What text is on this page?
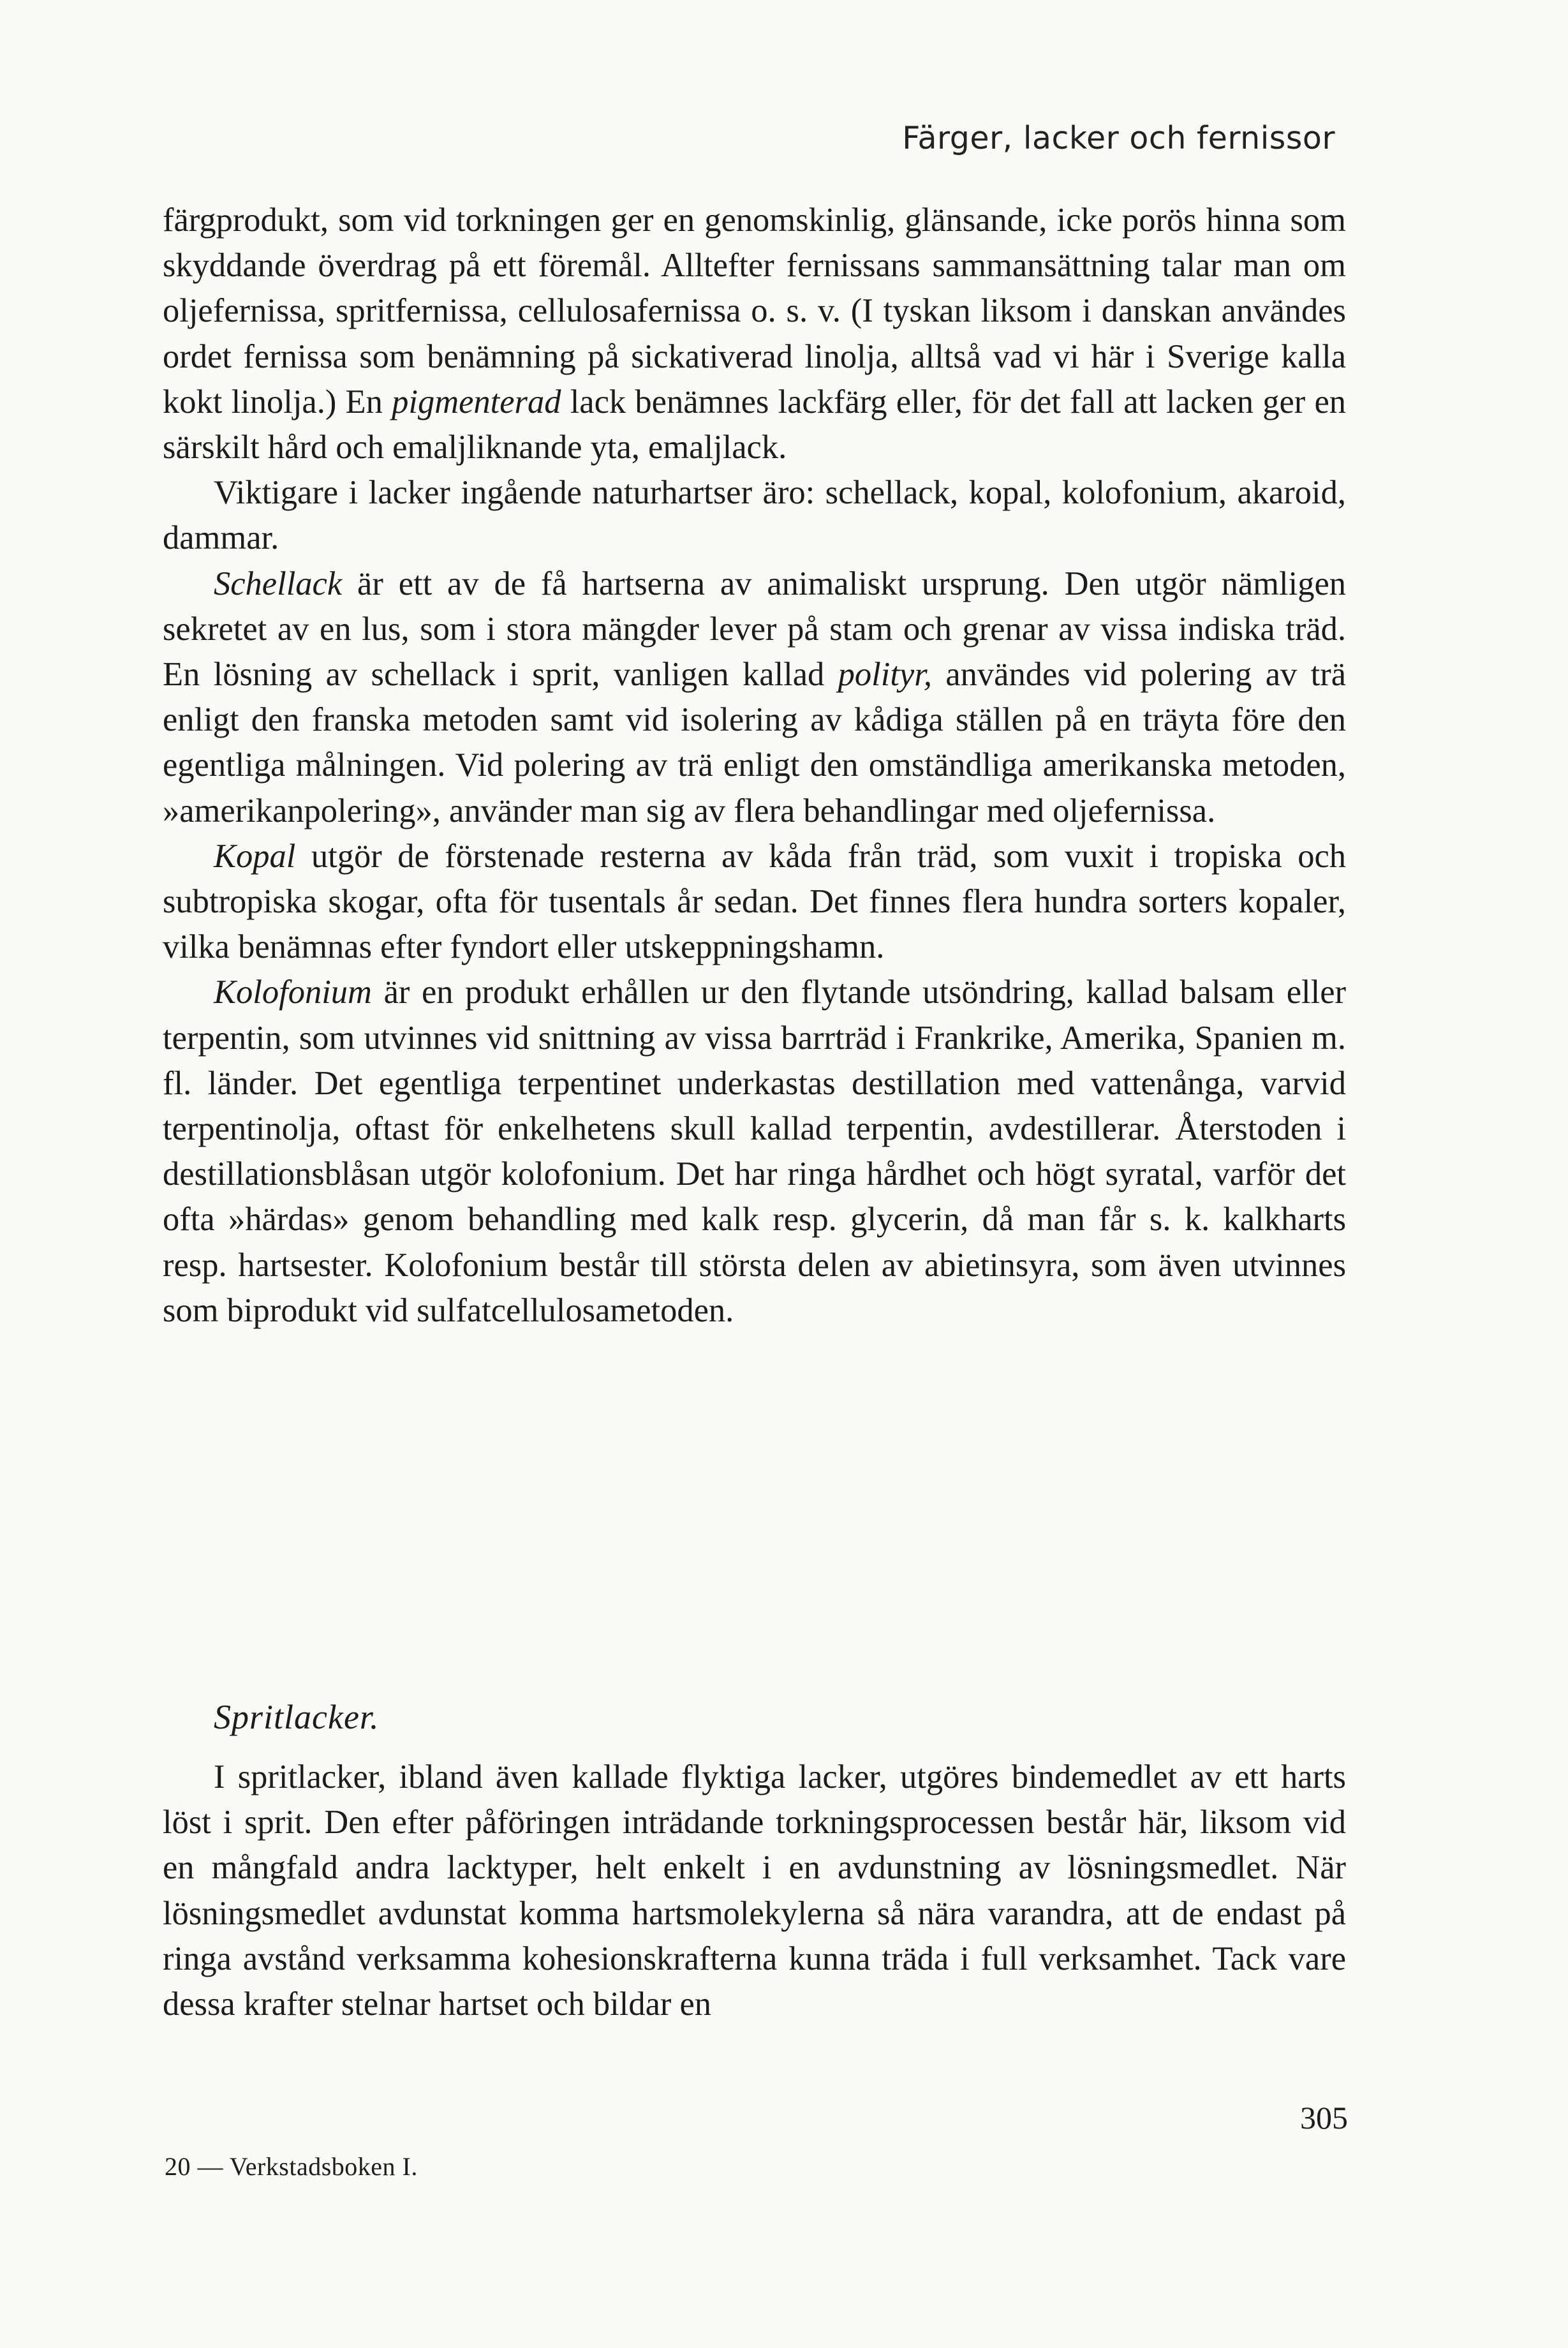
Färger, lacker och fernissor

färgprodukt, som vid torkningen ger en genomskinlig, glänsande, icke porös hinna som skyddande överdrag på ett föremål. Alltefter fernissans sammansättning talar man om oljefernissa, spritfernissa, cellulosafernissa o. s. v. (I tyskan liksom i danskan användes ordet fernissa som benämning på sickativerad linolja, alltså vad vi här i Sverige kalla kokt linolja.) En pigmenterad lack benämnes lackfärg eller, för det fall att lacken ger en särskilt hård och emaljliknande yta, emaljlack.

Viktigare i lacker ingående naturhartser äro: schellack, kopal, kolofonium, akaroid, dammar.

Schellack är ett av de få hartserna av animaliskt ursprung. Den utgör nämligen sekretet av en lus, som i stora mängder lever på stam och grenar av vissa indiska träd. En lösning av schellack i sprit, vanligen kallad polityr, användes vid polering av trä enligt den franska metoden samt vid isolering av kådiga ställen på en träyta före den egentliga målningen. Vid polering av trä enligt den omständliga amerikanska metoden, »amerikanpolering», använder man sig av flera behandlingar med oljefernissa.

Kopal utgör de förstenade resterna av kåda från träd, som vuxit i tropiska och subtropiska skogar, ofta för tusentals år sedan. Det finnes flera hundra sorters kopaler, vilka benämnas efter fyndort eller utskeppningshamn.

Kolofonium är en produkt erhållen ur den flytande utsöndring, kallad balsam eller terpentin, som utvinnes vid snittning av vissa barrträd i Frankrike, Amerika, Spanien m. fl. länder. Det egentliga terpentinet underkastas destillation med vattenånga, varvid terpentinolja, oftast för enkelhetens skull kallad terpentin, avdestillerar. Återstoden i destillationsblåsan utgör kolofonium. Det har ringa hårdhet och högt syratal, varför det ofta »härdas» genom behandling med kalk resp. glycerin, då man får s. k. kalkharts resp. hartsester. Kolofonium består till största delen av abietinsyra, som även utvinnes som biprodukt vid sulfatcellulosametoden.

Spritlacker.

I spritlacker, ibland även kallade flyktiga lacker, utgöres bindemedlet av ett harts löst i sprit. Den efter påföringen inträdande torkningsprocessen består här, liksom vid en mångfald andra lacktyper, helt enkelt i en avdunstning av lösningsmedlet. När lösningsmedlet avdunstat komma hartsmolekylerna så nära varandra, att de endast på ringa avstånd verksamma kohesionskrafterna kunna träda i full verksamhet. Tack vare dessa krafter stelnar hartset och bildar en

305
20 — Verkstadsboken I.
